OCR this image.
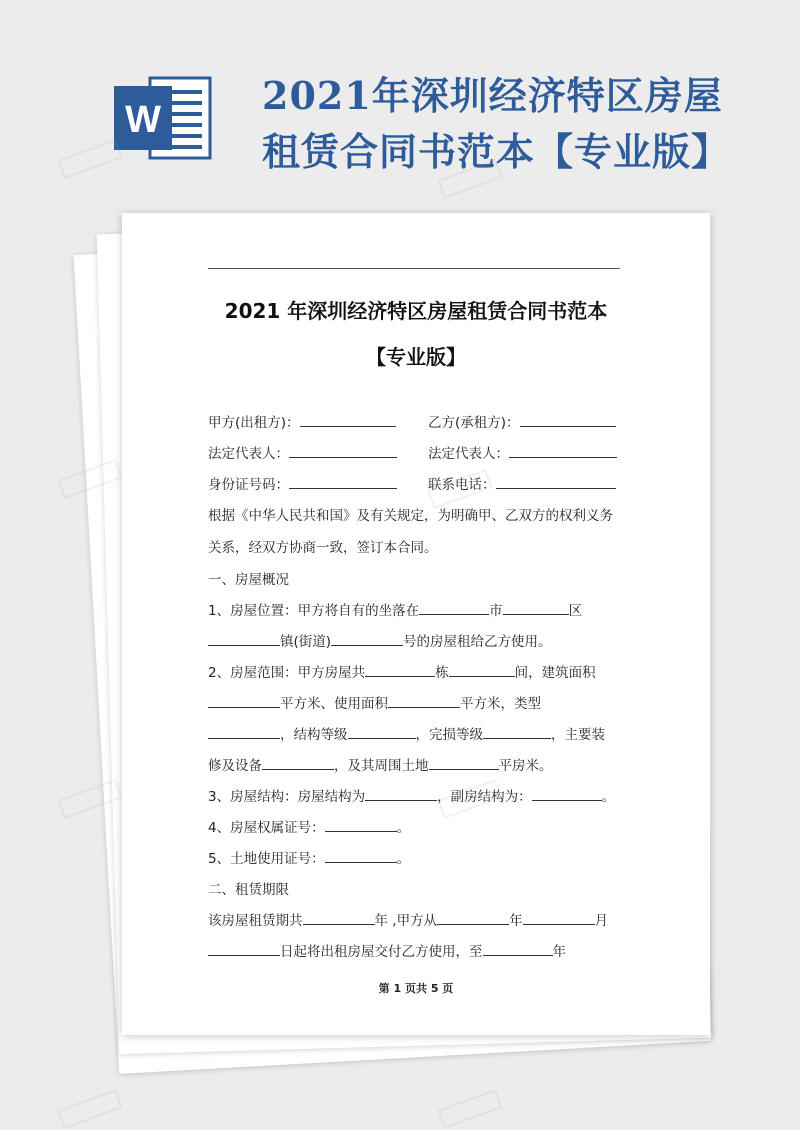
W
2021年深圳经济特区房屋
租赁合同书范本【专业版】
2021 年深圳经济特区房屋租赁合同书范本
【专业版】
甲方(出租方)：	乙方(承租方)：
法定代表人：	法定代表人：
身份证号码：	联系电话：
根据《中华人民共和国》及有关规定，为明确甲、乙双方的权利义务
关系，经双方协商一致，签订本合同。
一、房屋概况
1、房屋位置：甲方将自有的坐落在	市	区
镇(街道)	号的房屋租给乙方使用。
2、房屋范围：甲方房屋共	栋	间，建筑面积
平方米、使用面积	平方米，类型
，结构等级	，完损等级	，主要装
修及设备	，及其周围土地	平房米。
3、房屋结构：房屋结构为	，副房结构为：	。
4、房屋权属证号：	。
5、土地使用证号：	。
二、租赁期限
该房屋租赁期共	年 ,甲方从	年	月
日起将出租房屋交付乙方使用，至	年
第 1 页共 5 页
